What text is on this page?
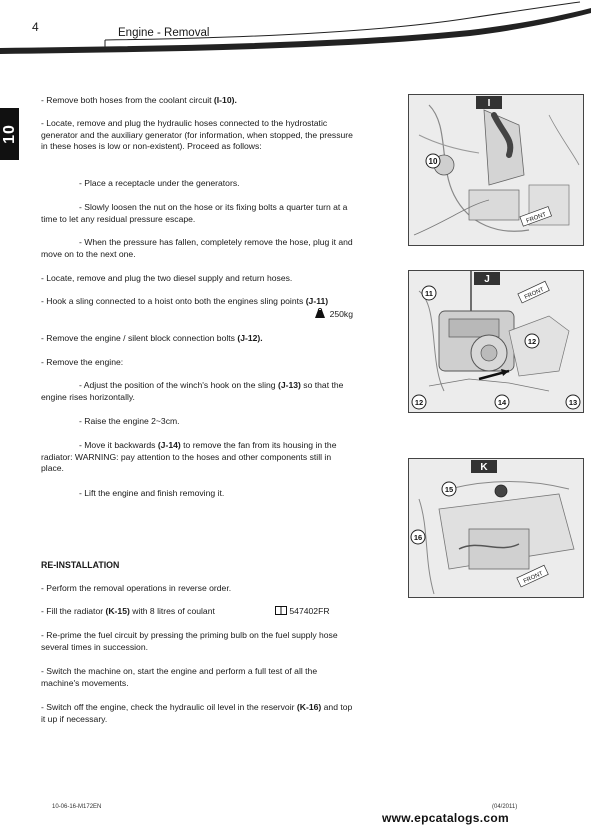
4	Engine - Removal
10
- Remove both hoses from the coolant circuit (I-10).
- Locate, remove and plug the hydraulic hoses connected to the hydrostatic generator and the auxiliary generator (for information, when stopped, the pressure in these hoses is low or non-existent). Proceed as follows:
- Place a receptacle under the generators.
- Slowly loosen the nut on the hose or its fixing bolts a quarter turn at a time to let any residual pressure escape.
- When the pressure has fallen, completely remove the hose, plug it and move on to the next one.
- Locate, remove and plug the two diesel supply and return hoses.
- Hook a sling connected to a hoist onto both the engines sling points (J-11)
250kg
- Remove the engine / silent block connection bolts (J-12).
- Remove the engine:
- Adjust the position of the winch's hook on the sling (J-13) so that the engine rises horizontally.
- Raise the engine 2~3cm.
- Move it backwards (J-14) to remove the fan from its housing in the radiator: WARNING: pay attention to the hoses and other components still in place.
- Lift the engine and finish removing it.
RE-INSTALLATION
- Perform the removal operations in reverse order.
- Fill the radiator (K-15) with 8 litres of coulant	547402FR
- Re-prime the fuel circuit by pressing the priming bulb on the fuel supply hose several times in succession.
- Switch the machine on, start the engine and perform a full test of all the machine's movements.
- Switch off the engine, check the hydraulic oil level in the reservoir (K-16) and top it up if necessary.
I
10
FRONT
J
11
12
12	14	13
FRONT
K
15
16
FRONT
10-06-16-M172EN	(04/2011)
www.epcatalogs.com
